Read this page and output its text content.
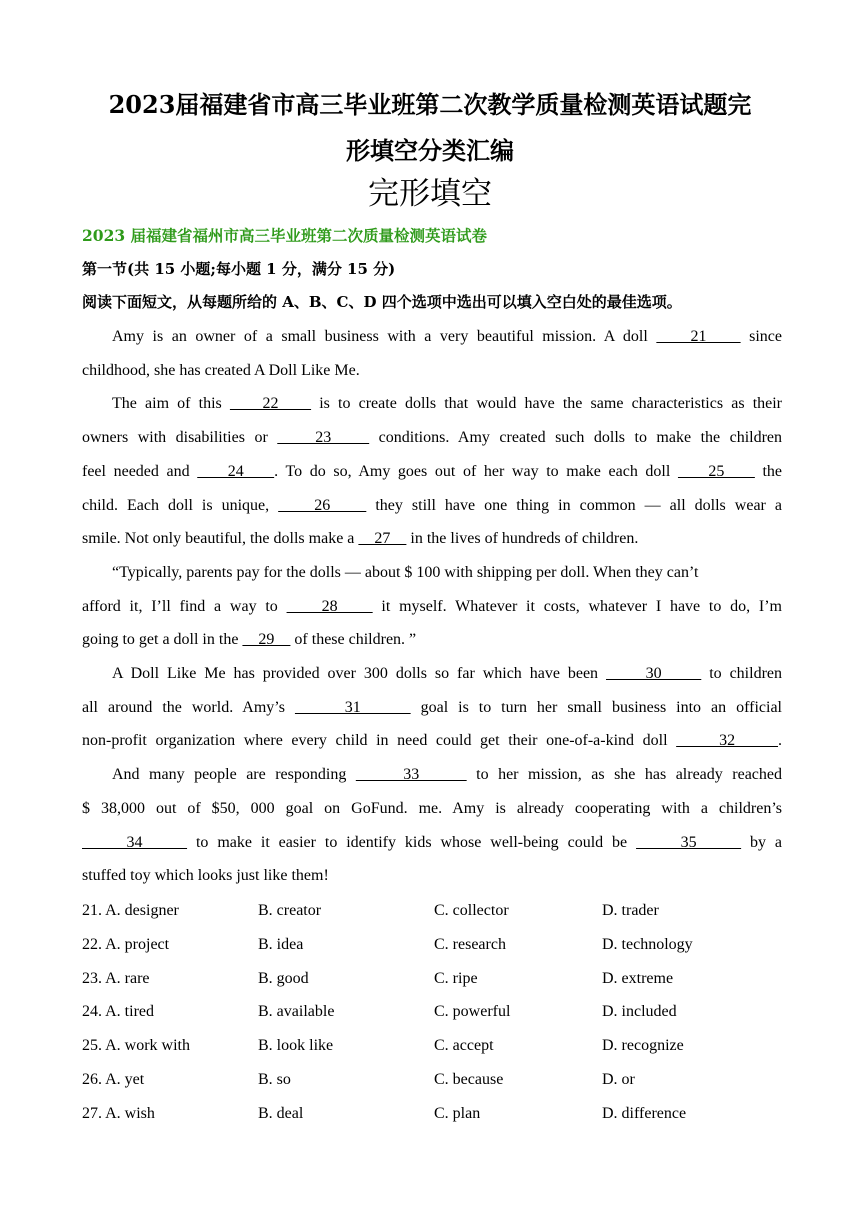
2023届福建省市高三毕业班第二次教学质量检测英语试题完
形填空分类汇编
完形填空
2023 届福建省福州市高三毕业班第二次质量检测英语试卷
第一节(共 15 小题;每小题 1 分，满分 15 分)
阅读下面短文，从每题所给的 A、B、C、D 四个选项中选出可以填入空白处的最佳选项。
Amy is an owner of a small business with a very beautiful mission. A doll     21     since
childhood, she has created A Doll Like Me.
The aim of this     22     is to create dolls that would have the same characteristics as their
owners with disabilities or     23     conditions. Amy created such dolls to make the children
feel needed and     24    . To do so, Amy goes out of her way to make each doll     25     the
child. Each doll is unique,     26     they still have one thing in common — all dolls wear a
smile. Not only beautiful, the dolls make a     27     in the lives of hundreds of children.
“Typically, parents pay for the dolls — about $ 100 with shipping per doll. When they can’t
afford it, I’ll find a way to     28     it myself. Whatever it costs, whatever I have to do, I’m
going to get a doll in the     29     of these children. ”
A Doll Like Me has provided over 300 dolls so far which have been      30      to children
all around the world. Amy’s      31      goal is to turn her small business into an official
non-profit organization where every child in need could get their one-of-a-kind doll      32     .
And many people are responding      33      to her mission, as she has already reached
$ 38,000 out of $50, 000 goal on GoFund. me. Amy is already cooperating with a children’s
34      to make it easier to identify kids whose well-being could be      35      by a
stuffed toy which looks just like them!
21. A. designer	B. creator	C. collector	D. trader
22. A. project	B. idea	C. research	D. technology
23. A. rare	B. good	C. ripe	D. extreme
24. A. tired	B. available	C. powerful	D. included
25. A. work with	B. look like	C. accept	D. recognize
26. A. yet	B. so	C. because	D. or
27. A. wish	B. deal	C. plan	D. difference
